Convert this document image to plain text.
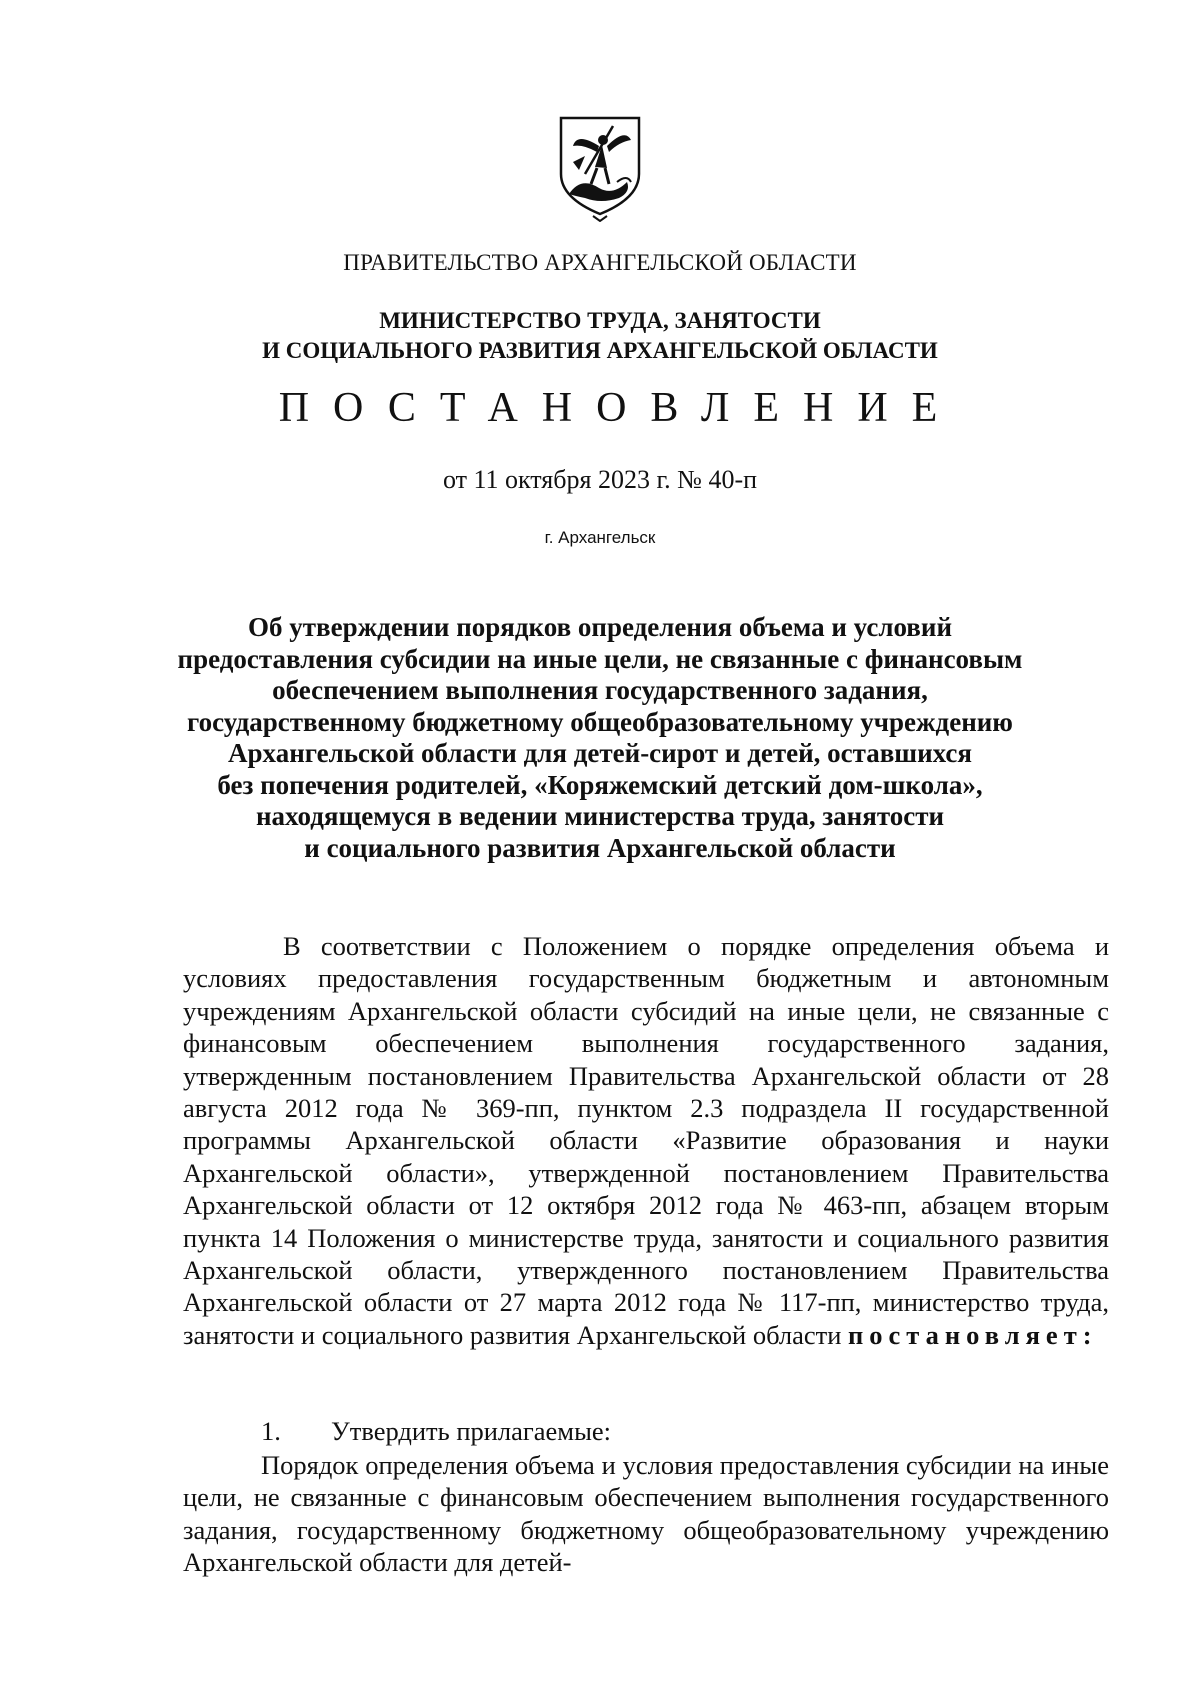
ПРАВИТЕЛЬСТВО АРХАНГЕЛЬСКОЙ ОБЛАСТИ
МИНИСТЕРСТВО ТРУДА, ЗАНЯТОСТИ
И СОЦИАЛЬНОГО РАЗВИТИЯ АРХАНГЕЛЬСКОЙ ОБЛАСТИ
ПОСТАНОВЛЕНИЕ
от 11 октября 2023 г. № 40-п
г. Архангельск
Об утверждении порядков определения объема и условий
предоставления субсидии на иные цели, не связанные с финансовым
обеспечением выполнения государственного задания,
государственному бюджетному общеобразовательному учреждению
Архангельской области для детей-сирот и детей, оставшихся
без попечения родителей, «Коряжемский детский дом-школа»,
находящемуся в ведении министерства труда, занятости
и социального развития Архангельской области
В соответствии с Положением о порядке определения объема и условиях предоставления государственным бюджетным и автономным учреждениям Архангельской области субсидий на иные цели, не связанные с финансовым обеспечением выполнения государственного задания, утвержденным постановлением Правительства Архангельской области от 28 августа 2012 года № 369-пп, пунктом 2.3 подраздела II государственной программы Архангельской области «Развитие образования и науки Архангельской области», утвержденной постановлением Правительства Архангельской области от 12 октября 2012 года № 463-пп, абзацем вторым пункта 14 Положения о министерстве труда, занятости и социального развития Архангельской области, утвержденного постановлением Правительства Архангельской области от 27 марта 2012 года № 117-пп, министерство труда, занятости и социального развития Архангельской области постановляет:
1. Утвердить прилагаемые:
Порядок определения объема и условия предоставления субсидии на иные цели, не связанные с финансовым обеспечением выполнения государственного задания, государственному бюджетному общеобразовательному учреждению Архангельской области для детей-
